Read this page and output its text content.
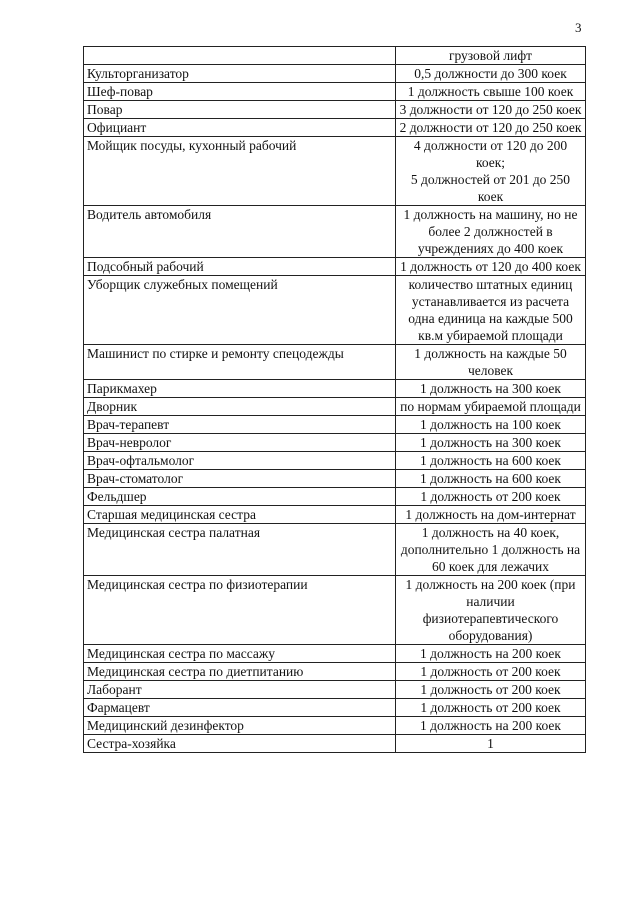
3
	грузовой лифт
Культорганизатор	0,5 должности до 300 коек
Шеф-повар	1 должность свыше 100 коек
Повар	3 должности от 120 до 250 коек
Официант	2 должности от 120 до 250 коек
Мойщик посуды, кухонный рабочий	4 должности от 120 до 200 коек;
5 должностей от 201 до 250 коек
Водитель автомобиля	1 должность на машину, но не более 2 должностей в учреждениях до 400 коек
Подсобный рабочий	1 должность от 120 до 400 коек
Уборщик служебных помещений	количество штатных единиц устанавливается из расчета одна единица на каждые 500 кв.м убираемой площади
Машинист по стирке и ремонту спецодежды	1 должность на каждые 50 человек
Парикмахер	1 должность на 300 коек
Дворник	по нормам убираемой площади
Врач-терапевт	1 должность на 100 коек
Врач-невролог	1 должность на 300 коек
Врач-офтальмолог	1 должность на 600 коек
Врач-стоматолог	1 должность на 600 коек
Фельдшер	1 должность от 200 коек
Старшая медицинская сестра	1 должность на дом-интернат
Медицинская сестра палатная	1 должность на 40 коек, дополнительно 1 должность на 60 коек для лежачих
Медицинская сестра по физиотерапии	1 должность на 200 коек (при наличии физиотерапевтического оборудования)
Медицинская сестра по массажу	1 должность на 200 коек
Медицинская сестра по диетпитанию	1 должность от 200 коек
Лаборант	1 должность от 200 коек
Фармацевт	1 должность от 200 коек
Медицинский дезинфектор	1 должность на 200 коек
Сестра-хозяйка	1
